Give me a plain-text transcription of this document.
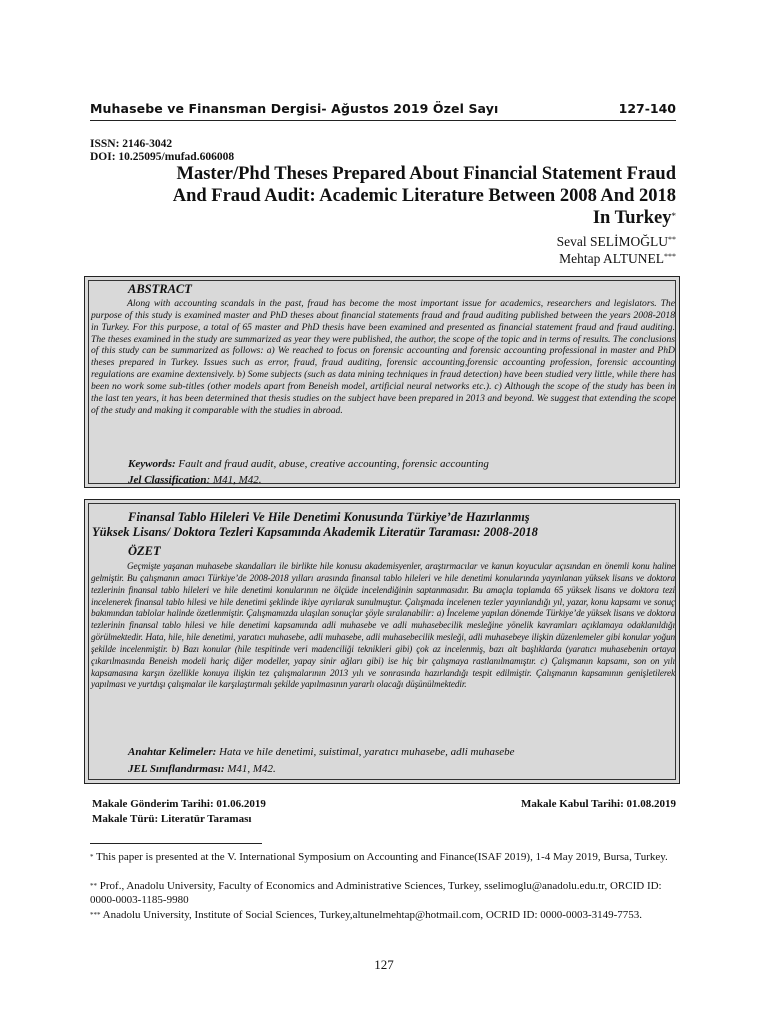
Muhasebe ve Finansman Dergisi- Ağustos 2019 Özel Sayı	127-140
ISSN: 2146-3042
DOI: 10.25095/mufad.606008
Master/Phd Theses Prepared About Financial Statement Fraud
And Fraud Audit: Academic Literature Between 2008 And 2018
In Turkey*
Seval SELİMOĞLU**
Mehtap ALTUNEL***
ABSTRACT
Along with accounting scandals in the past, fraud has become the most important issue for academics, researchers and legislators. The purpose of this study is examined master and PhD theses about financial statements fraud and fraud auditing published between the years 2008-2018 in Turkey. For this purpose, a total of 65 master and PhD thesis have been examined and presented as financial statement fraud and fraud auditing. The theses examined in the study are summarized as year they were published, the author, the scope of the topic and in terms of results. The conclusions of this study can be summarized as follows: a) We reached to focus on forensic accounting and forensic accounting professional in master and PhD theses prepared in Turkey. Issues such as error, fraud, fraud auditing, forensic accounting,forensic accounting profession, forensic accounting regulations are examine dextensively. b) Some subjects (such as data mining techniques in fraud detection) have been studied very little, while there has been no work some sub-titles (other models apart from Beneish model, artificial neural networks etc.). c) Although the scope of the study has been in the last ten years, it has been determined that thesis studies on the subject have been prepared in 2013 and beyond. We suggest that extending the scope of the study and making it comparable with the studies in abroad.
Keywords: Fault and fraud audit, abuse, creative accounting, forensic accounting
Jel Classification: M41, M42.
Finansal Tablo Hileleri Ve Hile Denetimi Konusunda Türkiye’de Hazırlanmış
Yüksek Lisans/ Doktora Tezleri Kapsamında Akademik Literatür Taraması: 2008-2018
ÖZET
Geçmişte yaşanan muhasebe skandalları ile birlikte hile konusu akademisyenler, araştırmacılar ve kanun koyucular açısından en önemli konu haline gelmiştir. Bu çalışmanın amacı Türkiye’de 2008-2018 yılları arasında finansal tablo hileleri ve hile denetimi konularında yayınlanan yüksek lisans ve doktora tezlerinin finansal tablo hileleri ve hile denetimi konularının ne ölçüde incelendiğinin saptanmasıdır. Bu amaçla toplamda 65 yüksek lisans ve doktora tezi incelenerek finansal tablo hilesi ve hile denetimi şeklinde ikiye ayrılarak sunulmuştur. Çalışmada incelenen tezler yayınlandığı yıl, yazar, konu kapsamı ve sonuç bakımından tablolar halinde özetlenmiştir. Çalışmamızda ulaşılan sonuçlar şöyle sıralanabilir: a) İnceleme yapılan dönemde Türkiye’de yüksek lisans ve doktora tezlerinin finansal tablo hilesi ve hile denetimi kapsamında adli muhasebe ve adli muhasebecilik mesleğine yönelik kavramları açıklamaya odaklanıldığı görülmektedir. Hata, hile, hile denetimi, yaratıcı muhasebe, adli muhasebe, adli muhasebecilik mesleği, adli muhasebeye ilişkin düzenlemeler gibi konular yoğun şekilde incelenmiştir. b) Bazı konular (hile tespitinde veri madenciliği teknikleri gibi) çok az incelenmiş, bazı alt başlıklarda (yaratıcı muhasebenin ortaya çıkarılmasında Beneish modeli hariç diğer modeller, yapay sinir ağları gibi) ise hiç bir çalışmaya rastlanılmamıştır. c) Çalışmanın kapsamı, son on yılı kapsamasına karşın özellikle konuya ilişkin tez çalışmalarının 2013 yılı ve sonrasında hazırlandığı tespit edilmiştir. Çalışmanın kapsamının genişletilerek yapılması ve yurtdışı çalışmalar ile karşılaştırmalı şekilde yapılmasının yararlı olacağı düşünülmektedir.
Anahtar Kelimeler: Hata ve hile denetimi, suistimal, yaratıcı muhasebe, adli muhasebe
JEL Sınıflandırması: M41, M42.
Makale Gönderim Tarihi: 01.06.2019	Makale Kabul Tarihi: 01.08.2019
Makale Türü: Literatür Taraması
* This paper is presented at the V. International Symposium on Accounting and Finance(ISAF 2019), 1-4 May 2019, Bursa, Turkey.
** Prof., Anadolu University, Faculty of Economics and Administrative Sciences, Turkey, sselimoglu@anadolu.edu.tr, ORCID ID: 0000-0003-1185-9980
*** Anadolu University, Institute of Social Sciences, Turkey,altunelmehtap@hotmail.com, OCRID ID: 0000-0003-3149-7753.
127
